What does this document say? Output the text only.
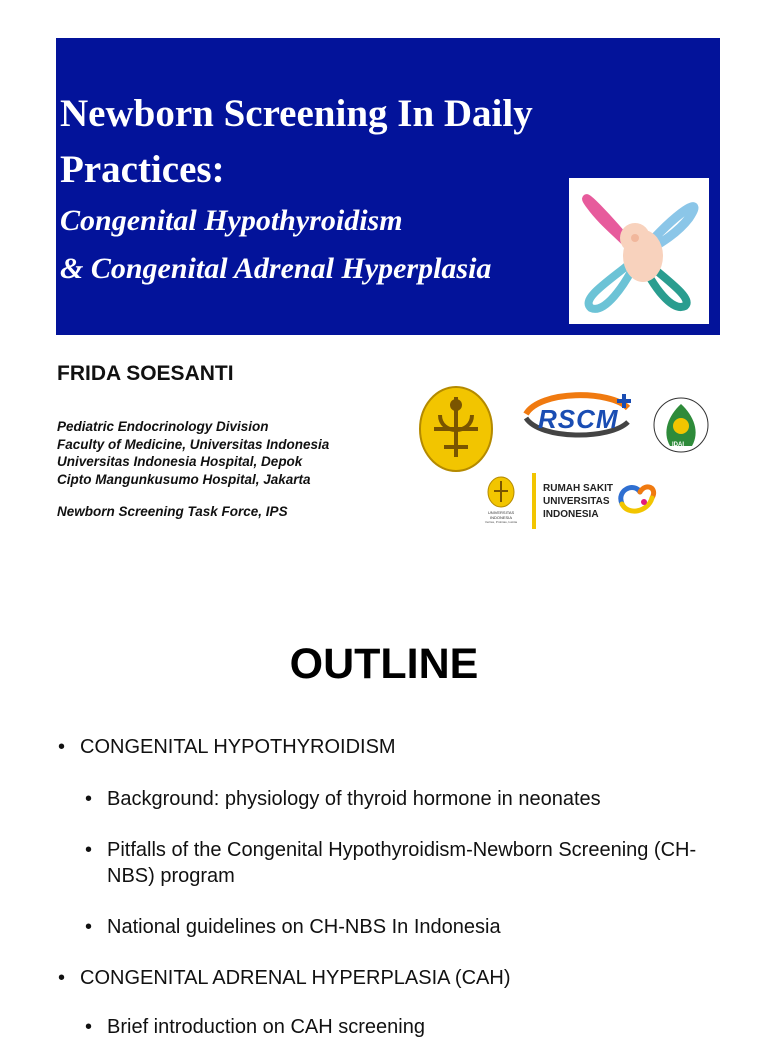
Newborn Screening In Daily Practices:
Congenital Hypothyroidism
& Congenital Adrenal Hyperplasia
FRIDA SOESANTI
Pediatric Endocrinology Division
Faculty of Medicine, Universitas Indonesia
Universitas Indonesia Hospital, Depok
Cipto Mangunkusumo Hospital, Jakarta

Newborn Screening Task Force, IPS

RSCM
IDAI
UNIVERSITAS INDONESIA
Veritas, Probitas, Iustitia
RUMAH SAKIT
UNIVERSITAS
INDONESIA
OUTLINE
• CONGENITAL HYPOTHYROIDISM
• Background: physiology of thyroid hormone in neonates
• Pitfalls of the Congenital Hypothyroidism-Newborn Screening (CH-NBS) program
• National guidelines on CH-NBS In Indonesia
• CONGENITAL ADRENAL HYPERPLASIA (CAH)
• Brief introduction on CAH screening
